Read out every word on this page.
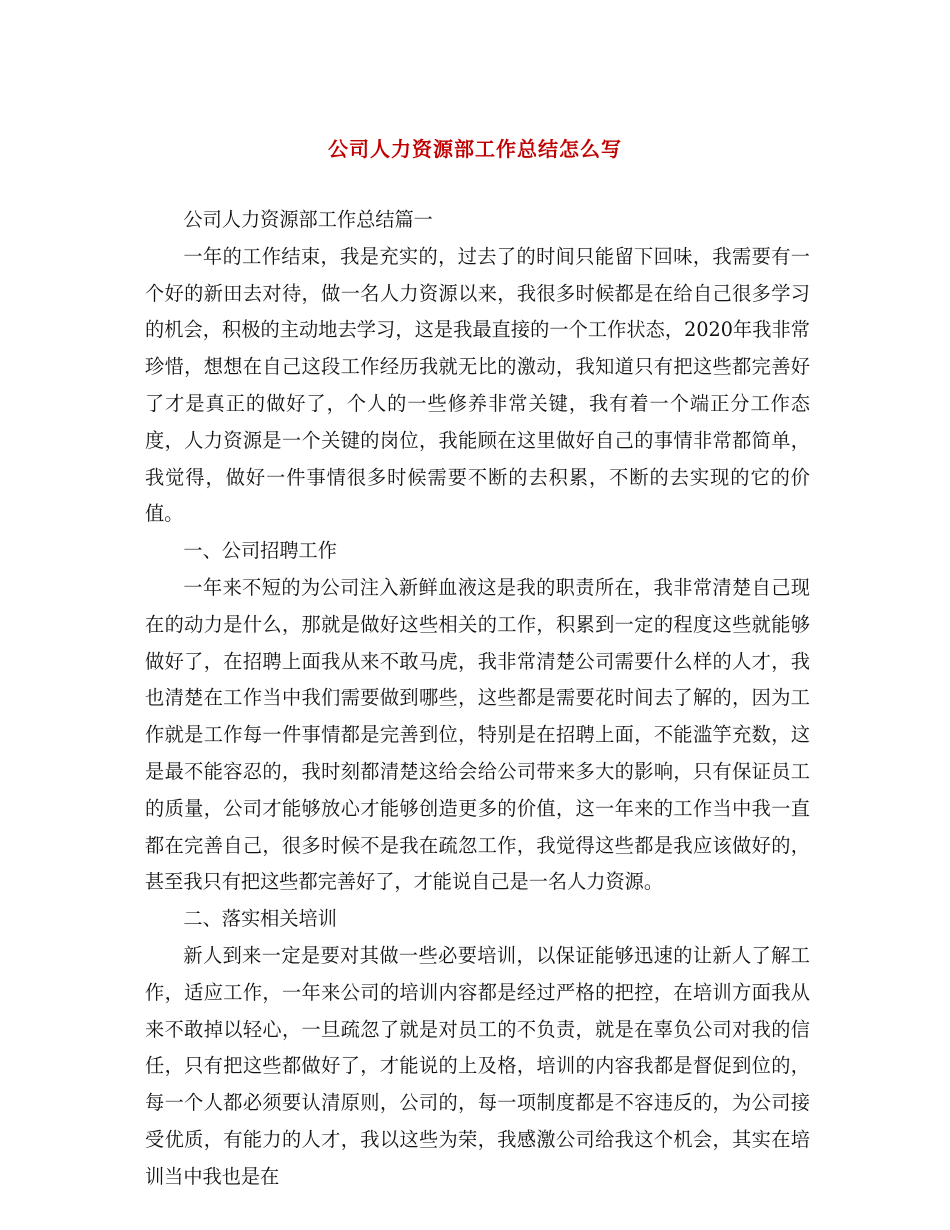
公司人力资源部工作总结怎么写

公司人力资源部工作总结篇一

一年的工作结束，我是充实的，过去了的时间只能留下回味，我需要有一个好的新田去对待，做一名人力资源以来，我很多时候都是在给自己很多学习的机会，积极的主动地去学习，这是我最直接的一个工作状态，2020年我非常珍惜，想想在自己这段工作经历我就无比的激动，我知道只有把这些都完善好了才是真正的做好了，个人的一些修养非常关键，我有着一个端正分工作态度，人力资源是一个关键的岗位，我能顾在这里做好自己的事情非常都简单，我觉得，做好一件事情很多时候需要不断的去积累，不断的去实现的它的价值。

一、公司招聘工作

一年来不短的为公司注入新鲜血液这是我的职责所在，我非常清楚自己现在的动力是什么，那就是做好这些相关的工作，积累到一定的程度这些就能够做好了，在招聘上面我从来不敢马虎，我非常清楚公司需要什么样的人才，我也清楚在工作当中我们需要做到哪些，这些都是需要花时间去了解的，因为工作就是工作每一件事情都是完善到位，特别是在招聘上面，不能滥竽充数，这是最不能容忍的，我时刻都清楚这给会给公司带来多大的影响，只有保证员工的质量，公司才能够放心才能够创造更多的价值，这一年来的工作当中我一直都在完善自己，很多时候不是我在疏忽工作，我觉得这些都是我应该做好的，甚至我只有把这些都完善好了，才能说自己是一名人力资源。

二、落实相关培训

新人到来一定是要对其做一些必要培训，以保证能够迅速的让新人了解工作，适应工作，一年来公司的培训内容都是经过严格的把控，在培训方面我从来不敢掉以轻心，一旦疏忽了就是对员工的不负责，就是在辜负公司对我的信任，只有把这些都做好了，才能说的上及格，培训的内容我都是督促到位的，每一个人都必须要认清原则，公司的，每一项制度都是不容违反的，为公司接受优质，有能力的人才，我以这些为荣，我感激公司给我这个机会，其实在培训当中我也是在
